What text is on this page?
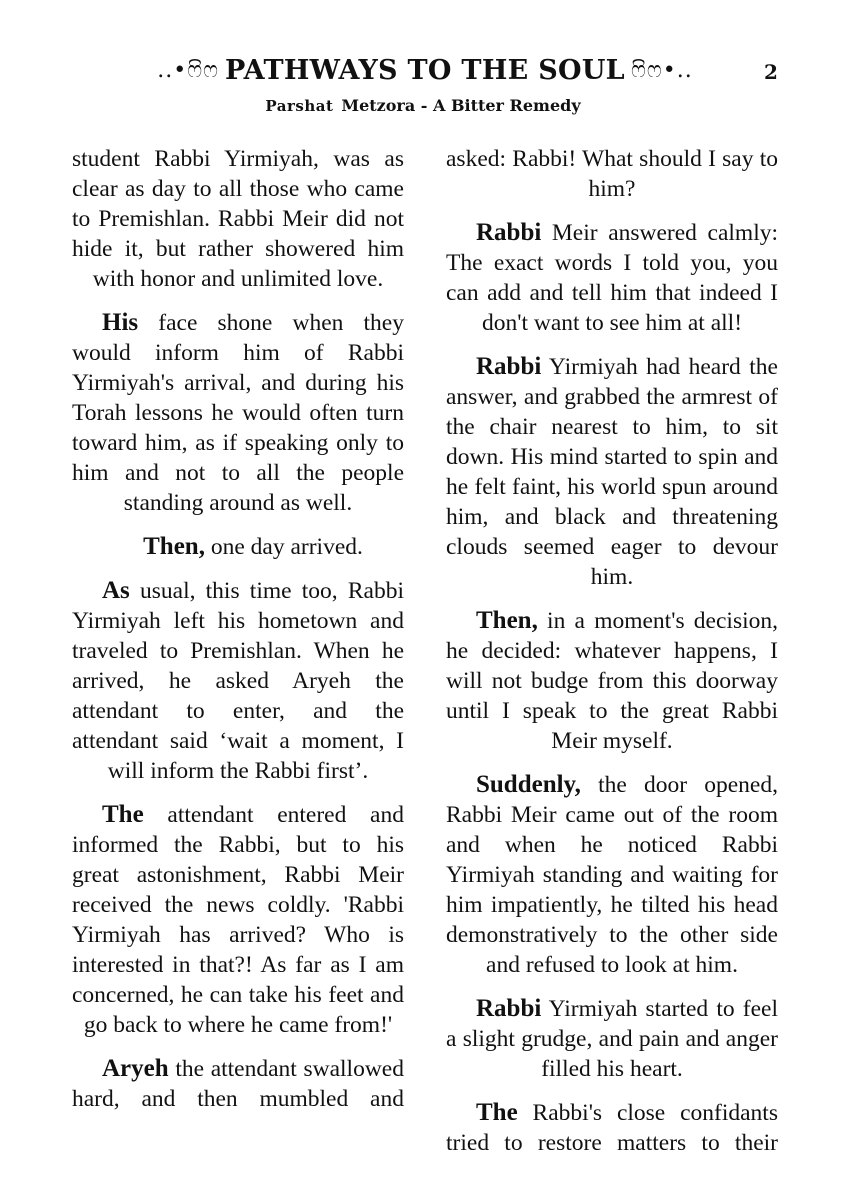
..•ෆිෆ PATHWAYS TO THE SOUL ෆිෆ•..	2
Parshat Metzora - A Bitter Remedy

student Rabbi Yirmiyah, was as clear as day to all those who came to Premishlan. Rabbi Meir did not hide it, but rather showered him with honor and unlimited love.

His face shone when they would inform him of Rabbi Yirmiyah's arrival, and during his Torah lessons he would often turn toward him, as if speaking only to him and not to all the people standing around as well.

Then, one day arrived.

As usual, this time too, Rabbi Yirmiyah left his hometown and traveled to Premishlan. When he arrived, he asked Aryeh the attendant to enter, and the attendant said ‘wait a moment, I will inform the Rabbi first’.

The attendant entered and informed the Rabbi, but to his great astonishment, Rabbi Meir received the news coldly. 'Rabbi Yirmiyah has arrived? Who is interested in that?! As far as I am concerned, he can take his feet and go back to where he came from!'

Aryeh the attendant swallowed hard, and then mumbled and

asked: Rabbi! What should I say to him?

Rabbi Meir answered calmly: The exact words I told you, you can add and tell him that indeed I don't want to see him at all!

Rabbi Yirmiyah had heard the answer, and grabbed the armrest of the chair nearest to him, to sit down. His mind started to spin and he felt faint, his world spun around him, and black and threatening clouds seemed eager to devour him.

Then, in a moment's decision, he decided: whatever happens, I will not budge from this doorway until I speak to the great Rabbi Meir myself.

Suddenly, the door opened, Rabbi Meir came out of the room and when he noticed Rabbi Yirmiyah standing and waiting for him impatiently, he tilted his head demonstratively to the other side and refused to look at him.

Rabbi Yirmiyah started to feel a slight grudge, and pain and anger filled his heart.

The Rabbi's close confidants tried to restore matters to their
